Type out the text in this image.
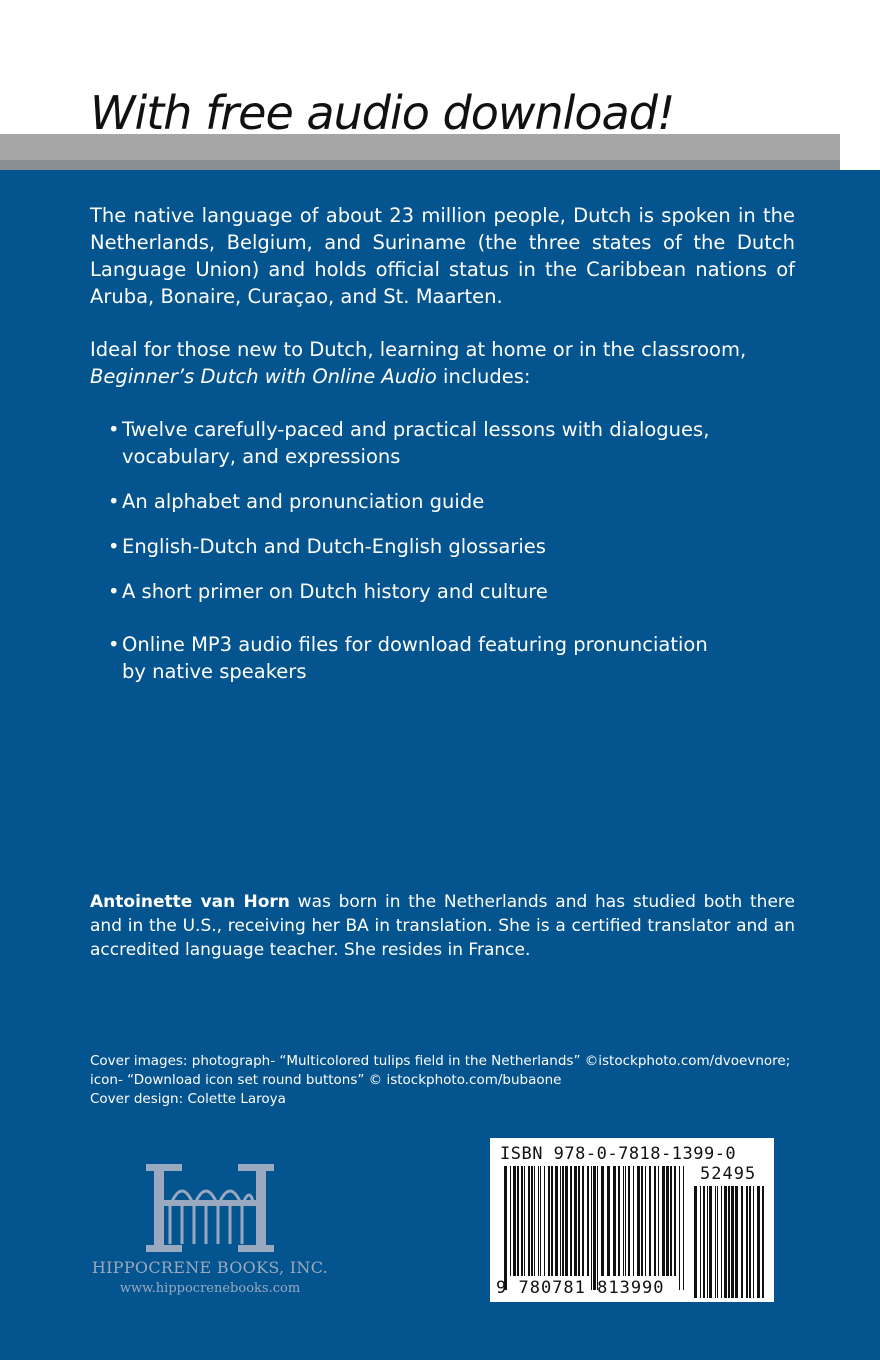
With free audio download!

The native language of about 23 million people, Dutch is spoken in the Netherlands, Belgium, and Suriname (the three states of the Dutch Language Union) and holds official status in the Caribbean nations of Aruba, Bonaire, Curaçao, and St. Maarten.

Ideal for those new to Dutch, learning at home or in the classroom, Beginner’s Dutch with Online Audio includes:

• Twelve carefully-paced and practical lessons with dialogues, vocabulary, and expressions
• An alphabet and pronunciation guide
• English-Dutch and Dutch-English glossaries
• A short primer on Dutch history and culture
• Online MP3 audio files for download featuring pronunciation by native speakers

Antoinette van Horn was born in the Netherlands and has studied both there and in the U.S., receiving her BA in translation. She is a certified translator and an accredited language teacher. She resides in France.

Cover images: photograph- “Multicolored tulips field in the Netherlands” ©istockphoto.com/dvoevnore; icon- “Download icon set round buttons” © istockphoto.com/bubaone
Cover design: Colette Laroya
HIPPOCRENE BOOKS, INC.
www.hippocrenebooks.com
ISBN 978-0-7818-1399-0
52495
9 780781 813990
